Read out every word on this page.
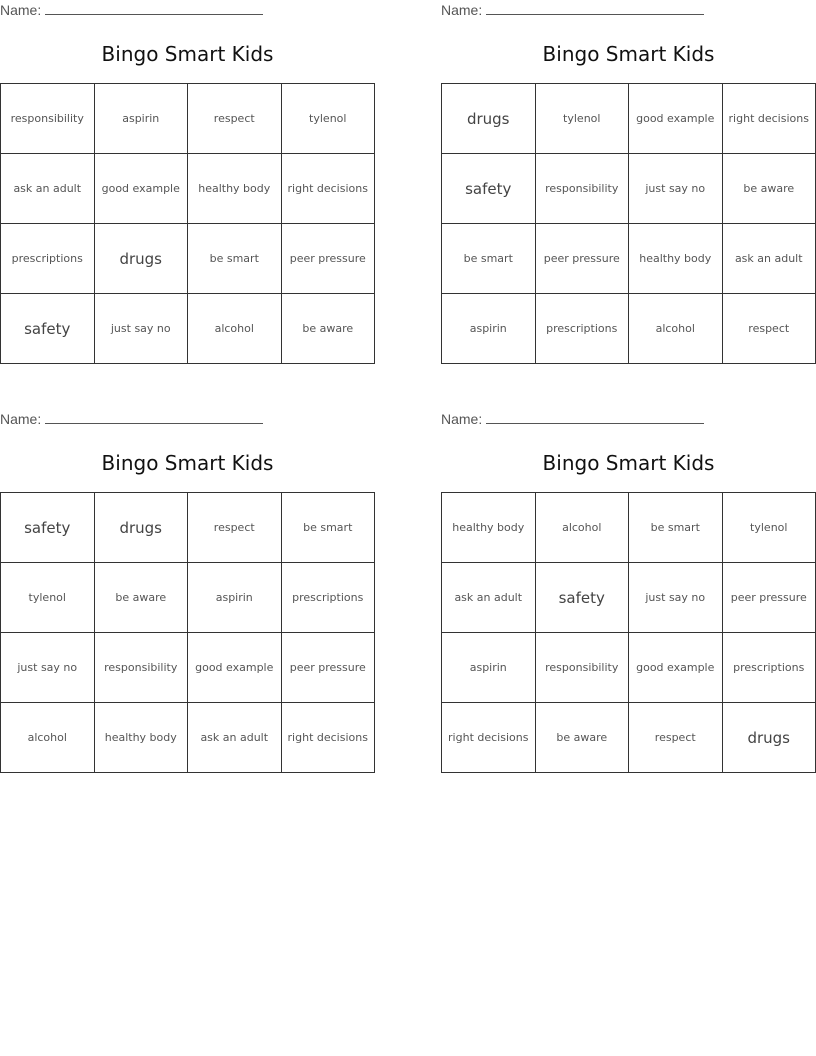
Name:
Bingo Smart Kids
responsibility	aspirin	respect	tylenol
ask an adult	good example	healthy body	right decisions
prescriptions	drugs	be smart	peer pressure
safety	just say no	alcohol	be aware
Name:
Bingo Smart Kids
drugs	tylenol	good example	right decisions
safety	responsibility	just say no	be aware
be smart	peer pressure	healthy body	ask an adult
aspirin	prescriptions	alcohol	respect
Name:
Bingo Smart Kids
safety	drugs	respect	be smart
tylenol	be aware	aspirin	prescriptions
just say no	responsibility	good example	peer pressure
alcohol	healthy body	ask an adult	right decisions
Name:
Bingo Smart Kids
healthy body	alcohol	be smart	tylenol
ask an adult	safety	just say no	peer pressure
aspirin	responsibility	good example	prescriptions
right decisions	be aware	respect	drugs
